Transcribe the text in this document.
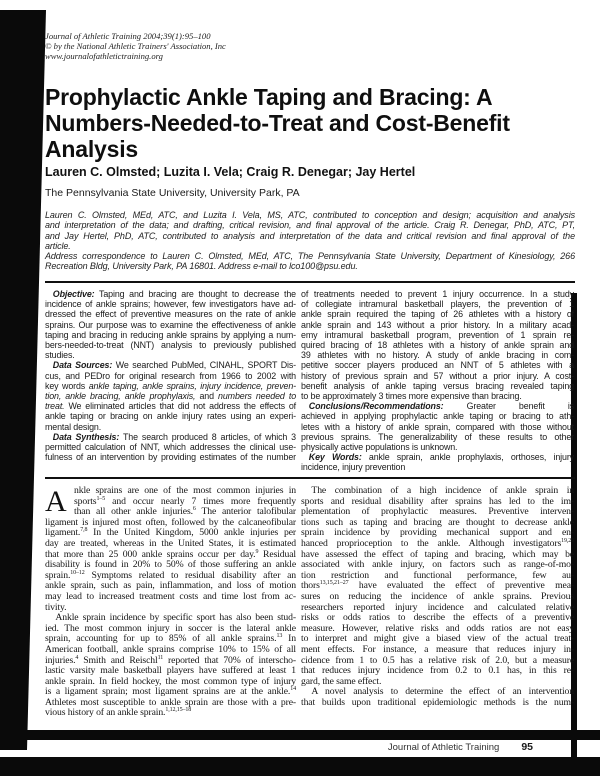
Journal of Athletic Training 2004;39(1):95–100
© by the National Athletic Trainers' Association, Inc
www.journalofathletictraining.org
Prophylactic Ankle Taping and Bracing: A
Numbers-Needed-to-Treat and Cost-Benefit
Analysis
Lauren C. Olmsted; Luzita I. Vela; Craig R. Denegar; Jay Hertel
The Pennsylvania State University, University Park, PA
Lauren C. Olmsted, MEd, ATC, and Luzita I. Vela, MS, ATC, contributed to conception and design; acquisition and analysis
and interpretation of the data; and drafting, critical revision, and final approval of the article. Craig R. Denegar, PhD, ATC, PT,
and Jay Hertel, PhD, ATC, contributed to analysis and interpretation of the data and critical revision and final approval of the
article.
Address correspondence to Lauren C. Olmsted, MEd, ATC, The Pennsylvania State University, Department of Kinesiology, 266
Recreation Bldg, University Park, PA 16801. Address e-mail to lco100@psu.edu.
Objective: Taping and bracing are thought to decrease the
incidence of ankle sprains; however, few investigators have ad-
dressed the effect of preventive measures on the rate of ankle
sprains. Our purpose was to examine the effectiveness of ankle
taping and bracing in reducing ankle sprains by applying a num-
bers-needed-to-treat (NNT) analysis to previously published
studies.
Data Sources: We searched PubMed, CINAHL, SPORT Dis-
cus, and PEDro for original research from 1966 to 2002 with
key words ankle taping, ankle sprains, injury incidence, preven-
tion, ankle bracing, ankle prophylaxis, and numbers needed to
treat. We eliminated articles that did not address the effects of
ankle taping or bracing on ankle injury rates using an experi-
mental design.
Data Synthesis: The search produced 8 articles, of which 3
permitted calculation of NNT, which addresses the clinical use-
fulness of an intervention by providing estimates of the number
of treatments needed to prevent 1 injury occurrence. In a study
of collegiate intramural basketball players, the prevention of 1
ankle sprain required the taping of 26 athletes with a history of
ankle sprain and 143 without a prior history. In a military acad-
emy intramural basketball program, prevention of 1 sprain re-
quired bracing of 18 athletes with a history of ankle sprain and
39 athletes with no history. A study of ankle bracing in com-
petitive soccer players produced an NNT of 5 athletes with a
history of previous sprain and 57 without a prior injury. A cost-
benefit analysis of ankle taping versus bracing revealed taping
to be approximately 3 times more expensive than bracing.
Conclusions/Recommendations: Greater benefit is
achieved in applying prophylactic ankle taping or bracing to ath-
letes with a history of ankle sprain, compared with those without
previous sprains. The generalizability of these results to other
physically active populations is unknown.
Key Words: ankle sprain, ankle prophylaxis, orthoses, injury
incidence, injury prevention
A nkle sprains are one of the most common injuries in
sports$^{1-5}$ and occur nearly 7 times more frequently
than all other ankle injuries.$^6$ The anterior talofibular
ligament is injured most often, followed by the calcaneofibular
ligament.$^{7,8}$ In the United Kingdom, 5000 ankle injuries per
day are treated, whereas in the United States, it is estimated
that more than 25 000 ankle sprains occur per day.$^9$ Residual
disability is found in 20% to 50% of those suffering an ankle
sprain.$^{10-12}$ Symptoms related to residual disability after an
ankle sprain, such as pain, inflammation, and loss of motion
may lead to increased treatment costs and time lost from ac-
tivity.
Ankle sprain incidence by specific sport has also been stud-
ied. The most common injury in soccer is the lateral ankle
sprain, accounting for up to 85% of all ankle sprains.$^{13}$ In
American football, ankle sprains comprise 10% to 15% of all
injuries.$^4$ Smith and Reischl$^{11}$ reported that 70% of interscho-
lastic varsity male basketball players have suffered at least 1
ankle sprain. In field hockey, the most common type of injury
is a ligament sprain; most ligament sprains are at the ankle.$^{14}$
Athletes most susceptible to ankle sprain are those with a pre-
vious history of an ankle sprain.$^{1,12,15-18}$
The combination of a high incidence of ankle sprain in
sports and residual disability after sprains has led to the im-
plementation of prophylactic measures. Preventive interven-
tions such as taping and bracing are thought to decrease ankle
sprain incidence by providing mechanical support and en-
hanced proprioception to the ankle. Although investigators$^{19,20}$
have assessed the effect of taping and bracing, which may be
associated with ankle injury, on factors such as range-of-mo-
tion restriction and functional performance, few au-
thors$^{13,15,21-27}$ have evaluated the effect of preventive mea-
sures on reducing the incidence of ankle sprains. Previous
researchers reported injury incidence and calculated relative
risks or odds ratios to describe the effects of a preventive
measure. However, relative risks and odds ratios are not easy
to interpret and might give a biased view of the actual treat-
ment effects. For instance, a measure that reduces injury in-
cidence from 1 to 0.5 has a relative risk of 2.0, but a measure
that reduces injury incidence from 0.2 to 0.1 has, in this re-
gard, the same effect.
A novel analysis to determine the effect of an intervention
that builds upon traditional epidemiologic methods is the num-
Journal of Athletic Training 95
